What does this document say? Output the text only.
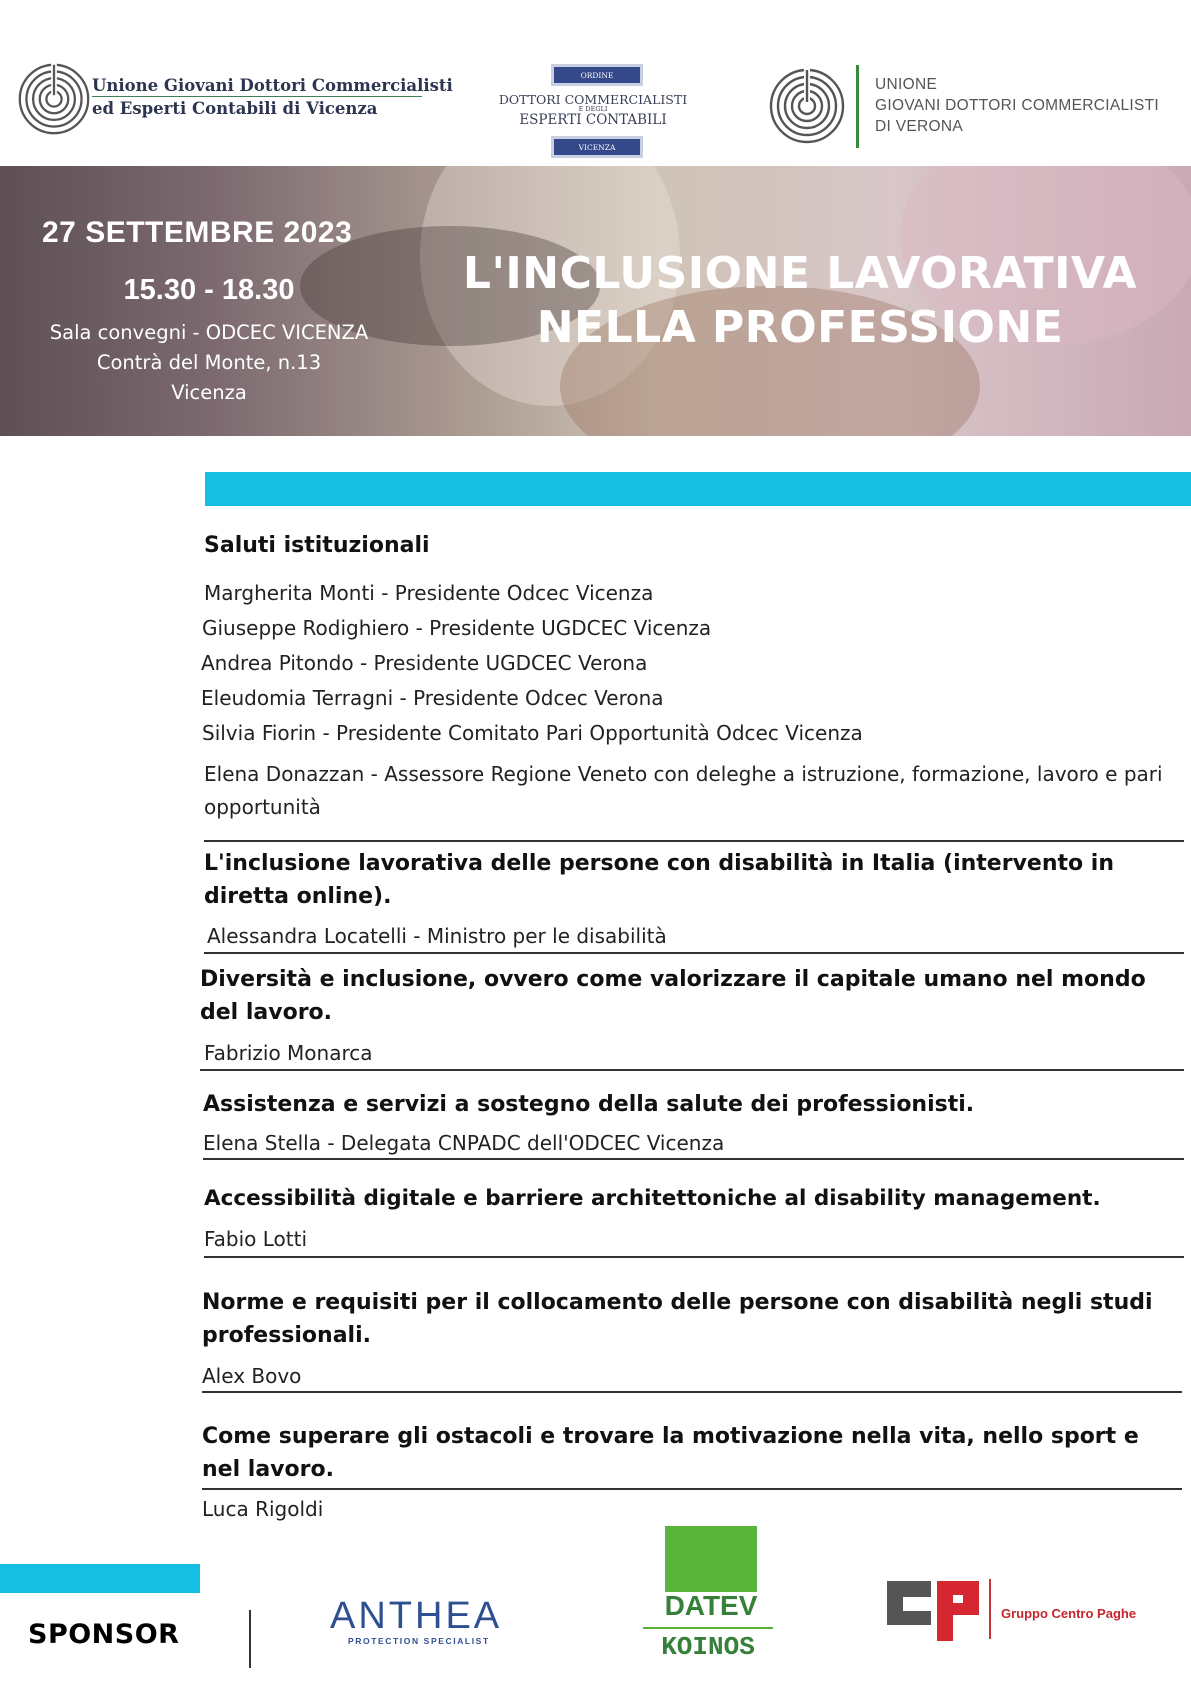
Unione Giovani Dottori Commercialisti
ed Esperti Contabili di Vicenza
ORDINE
DOTTORI COMMERCIALISTI
E DEGLI
ESPERTI CONTABILI
VICENZA
UNIONE
GIOVANI DOTTORI COMMERCIALISTI
DI VERONA
27 SETTEMBRE 2023
15.30 - 18.30
Sala convegni - ODCEC VICENZA
Contrà del Monte, n.13
Vicenza
L'INCLUSIONE LAVORATIVA
NELLA PROFESSIONE
Saluti istituzionali
Margherita Monti - Presidente Odcec Vicenza
Giuseppe Rodighiero - Presidente UGDCEC Vicenza
Andrea Pitondo - Presidente UGDCEC Verona
Eleudomia Terragni - Presidente Odcec Verona
Silvia Fiorin - Presidente Comitato Pari Opportunità Odcec Vicenza
Elena Donazzan - Assessore Regione Veneto con deleghe a istruzione, formazione, lavoro e pari opportunità
L'inclusione lavorativa delle persone con disabilità in Italia (intervento in diretta online).
Alessandra Locatelli - Ministro per le disabilità
Diversità e inclusione, ovvero come valorizzare il capitale umano nel mondo del lavoro.
Fabrizio Monarca
Assistenza e servizi a sostegno della salute dei professionisti.
Elena Stella - Delegata CNPADC dell'ODCEC Vicenza
Accessibilità digitale e barriere architettoniche al disability management.
Fabio Lotti
Norme e requisiti per il collocamento delle persone con disabilità negli studi professionali.
Alex Bovo
Come superare gli ostacoli e trovare la motivazione nella vita, nello sport e nel lavoro.
Luca Rigoldi
SPONSOR	ANTHEA
PROTECTION SPECIALIST
DATEV
KOINOS
Gruppo Centro Paghe
